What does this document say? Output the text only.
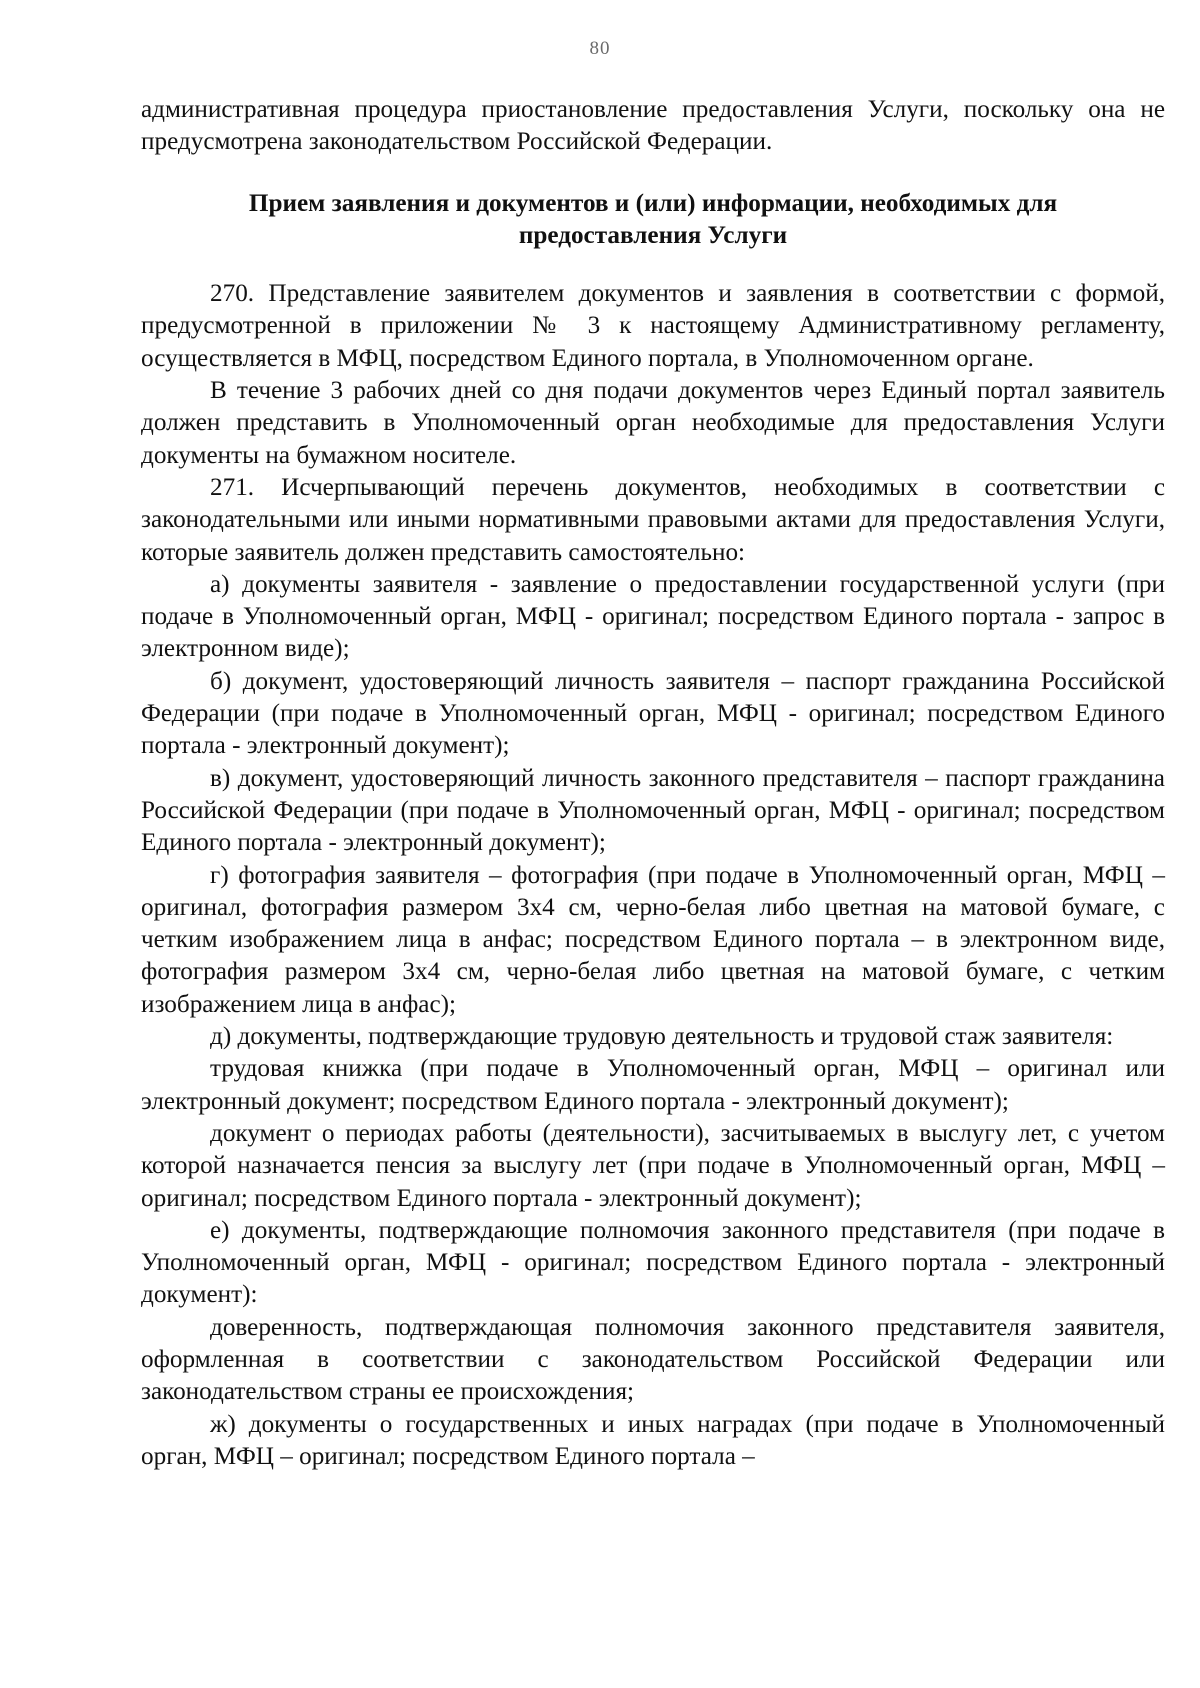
80

административная процедура приостановление предоставления Услуги, поскольку она не предусмотрена законодательством Российской Федерации.

Прием заявления и документов и (или) информации, необходимых для предоставления Услуги

270. Представление заявителем документов и заявления в соответствии с формой, предусмотренной в приложении № 3 к настоящему Административному регламенту, осуществляется в МФЦ, посредством Единого портала, в Уполномоченном органе.

В течение 3 рабочих дней со дня подачи документов через Единый портал заявитель должен представить в Уполномоченный орган необходимые для предоставления Услуги документы на бумажном носителе.

271. Исчерпывающий перечень документов, необходимых в соответствии с законодательными или иными нормативными правовыми актами для предоставления Услуги, которые заявитель должен представить самостоятельно:

а) документы заявителя - заявление о предоставлении государственной услуги (при подаче в Уполномоченный орган, МФЦ - оригинал; посредством Единого портала - запрос в электронном виде);

б) документ, удостоверяющий личность заявителя – паспорт гражданина Российской Федерации (при подаче в Уполномоченный орган, МФЦ - оригинал; посредством Единого портала - электронный документ);

в) документ, удостоверяющий личность законного представителя – паспорт гражданина Российской Федерации (при подаче в Уполномоченный орган, МФЦ - оригинал; посредством Единого портала - электронный документ);

г) фотография заявителя – фотография (при подаче в Уполномоченный орган, МФЦ – оригинал, фотография размером 3х4 см, черно-белая либо цветная на матовой бумаге, с четким изображением лица в анфас; посредством Единого портала – в электронном виде, фотография размером 3х4 см, черно-белая либо цветная на матовой бумаге, с четким изображением лица в анфас);

д) документы, подтверждающие трудовую деятельность и трудовой стаж заявителя:

трудовая книжка (при подаче в Уполномоченный орган, МФЦ – оригинал или электронный документ; посредством Единого портала - электронный документ);

документ о периодах работы (деятельности), засчитываемых в выслугу лет, с учетом которой назначается пенсия за выслугу лет (при подаче в Уполномоченный орган, МФЦ – оригинал; посредством Единого портала - электронный документ);

е) документы, подтверждающие полномочия законного представителя (при подаче в Уполномоченный орган, МФЦ - оригинал; посредством Единого портала - электронный документ):

доверенность, подтверждающая полномочия законного представителя заявителя, оформленная в соответствии с законодательством Российской Федерации или законодательством страны ее происхождения;

ж) документы о государственных и иных наградах (при подаче в Уполномоченный орган, МФЦ – оригинал; посредством Единого портала –
